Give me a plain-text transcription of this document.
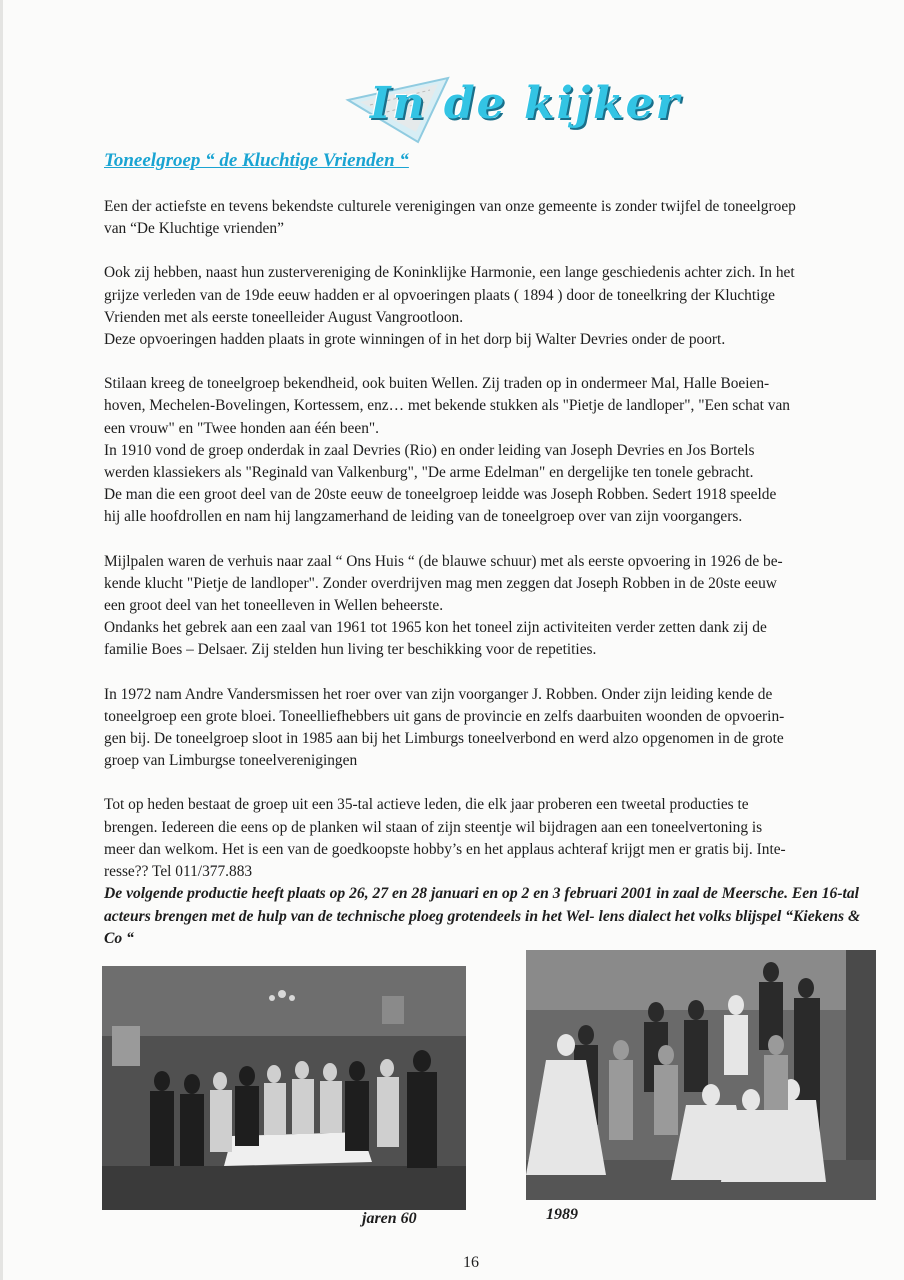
In de kijker
Toneelgroep “ de Kluchtige Vrienden “
Een der actiefste en tevens bekendste culturele verenigingen van onze gemeente is zonder twijfel de toneelgroep
van “De Kluchtige vrienden”
Ook zij hebben, naast hun zustervereniging de Koninklijke Harmonie, een lange geschiedenis achter zich. In het
grijze verleden van de 19de eeuw hadden er al opvoeringen plaats ( 1894 ) door de toneelkring der Kluchtige
Vrienden met als eerste toneelleider August Vangrootloon.
Deze opvoeringen hadden plaats in grote winningen of in het dorp bij Walter Devries onder de poort.
Stilaan kreeg de toneelgroep bekendheid, ook buiten Wellen. Zij traden op in ondermeer Mal, Halle Boeien-
hoven, Mechelen-Bovelingen, Kortessem, enz… met bekende stukken als "Pietje de landloper", "Een schat van
een vrouw" en "Twee honden aan één been".
In 1910 vond de groep onderdak in zaal Devries (Rio) en onder leiding van Joseph Devries en Jos Bortels
werden klassiekers als "Reginald van Valkenburg", "De arme Edelman" en dergelijke ten tonele gebracht.
De man die een groot deel van de 20ste eeuw de toneelgroep leidde was Joseph Robben. Sedert 1918 speelde
hij alle hoofdrollen en nam hij langzamerhand de leiding van de toneelgroep over van zijn voorgangers.
Mijlpalen waren de verhuis naar zaal “ Ons Huis “ (de blauwe schuur) met als eerste opvoering in 1926 de be-
kende klucht "Pietje de landloper". Zonder overdrijven mag men zeggen dat Joseph Robben in de 20ste eeuw
een groot deel van het toneelleven in Wellen beheerste.
Ondanks het gebrek aan een zaal van 1961 tot 1965 kon het toneel zijn activiteiten verder zetten dank zij de
familie Boes – Delsaer. Zij stelden hun living ter beschikking voor de repetities.
In 1972 nam Andre Vandersmissen het roer over van zijn voorganger J. Robben. Onder zijn leiding kende de
toneelgroep een grote bloei. Toneelliefhebbers uit gans de provincie en zelfs daarbuiten woonden de opvoerin-
gen bij. De toneelgroep sloot in 1985 aan bij het Limburgs toneelverbond en werd alzo opgenomen in de grote
groep van Limburgse toneelverenigingen
Tot op heden bestaat de groep uit een 35-tal actieve leden, die elk jaar proberen een tweetal producties te
brengen. Iedereen die eens op de planken wil staan of zijn steentje wil bijdragen aan een toneelvertoning is
meer dan welkom. Het is een van de goedkoopste hobby’s en het applaus achteraf krijgt men er gratis bij. Inte-
resse?? Tel 011/377.883
De volgende productie heeft plaats op 26, 27 en 28 januari en op 2 en 3 februari 2001 in zaal de Meersche. Een 16-tal acteurs brengen met de hulp van de technische ploeg grotendeels in het Wel- lens dialect het volks blijspel “Kiekens & Co “
jaren 60	1989
16
